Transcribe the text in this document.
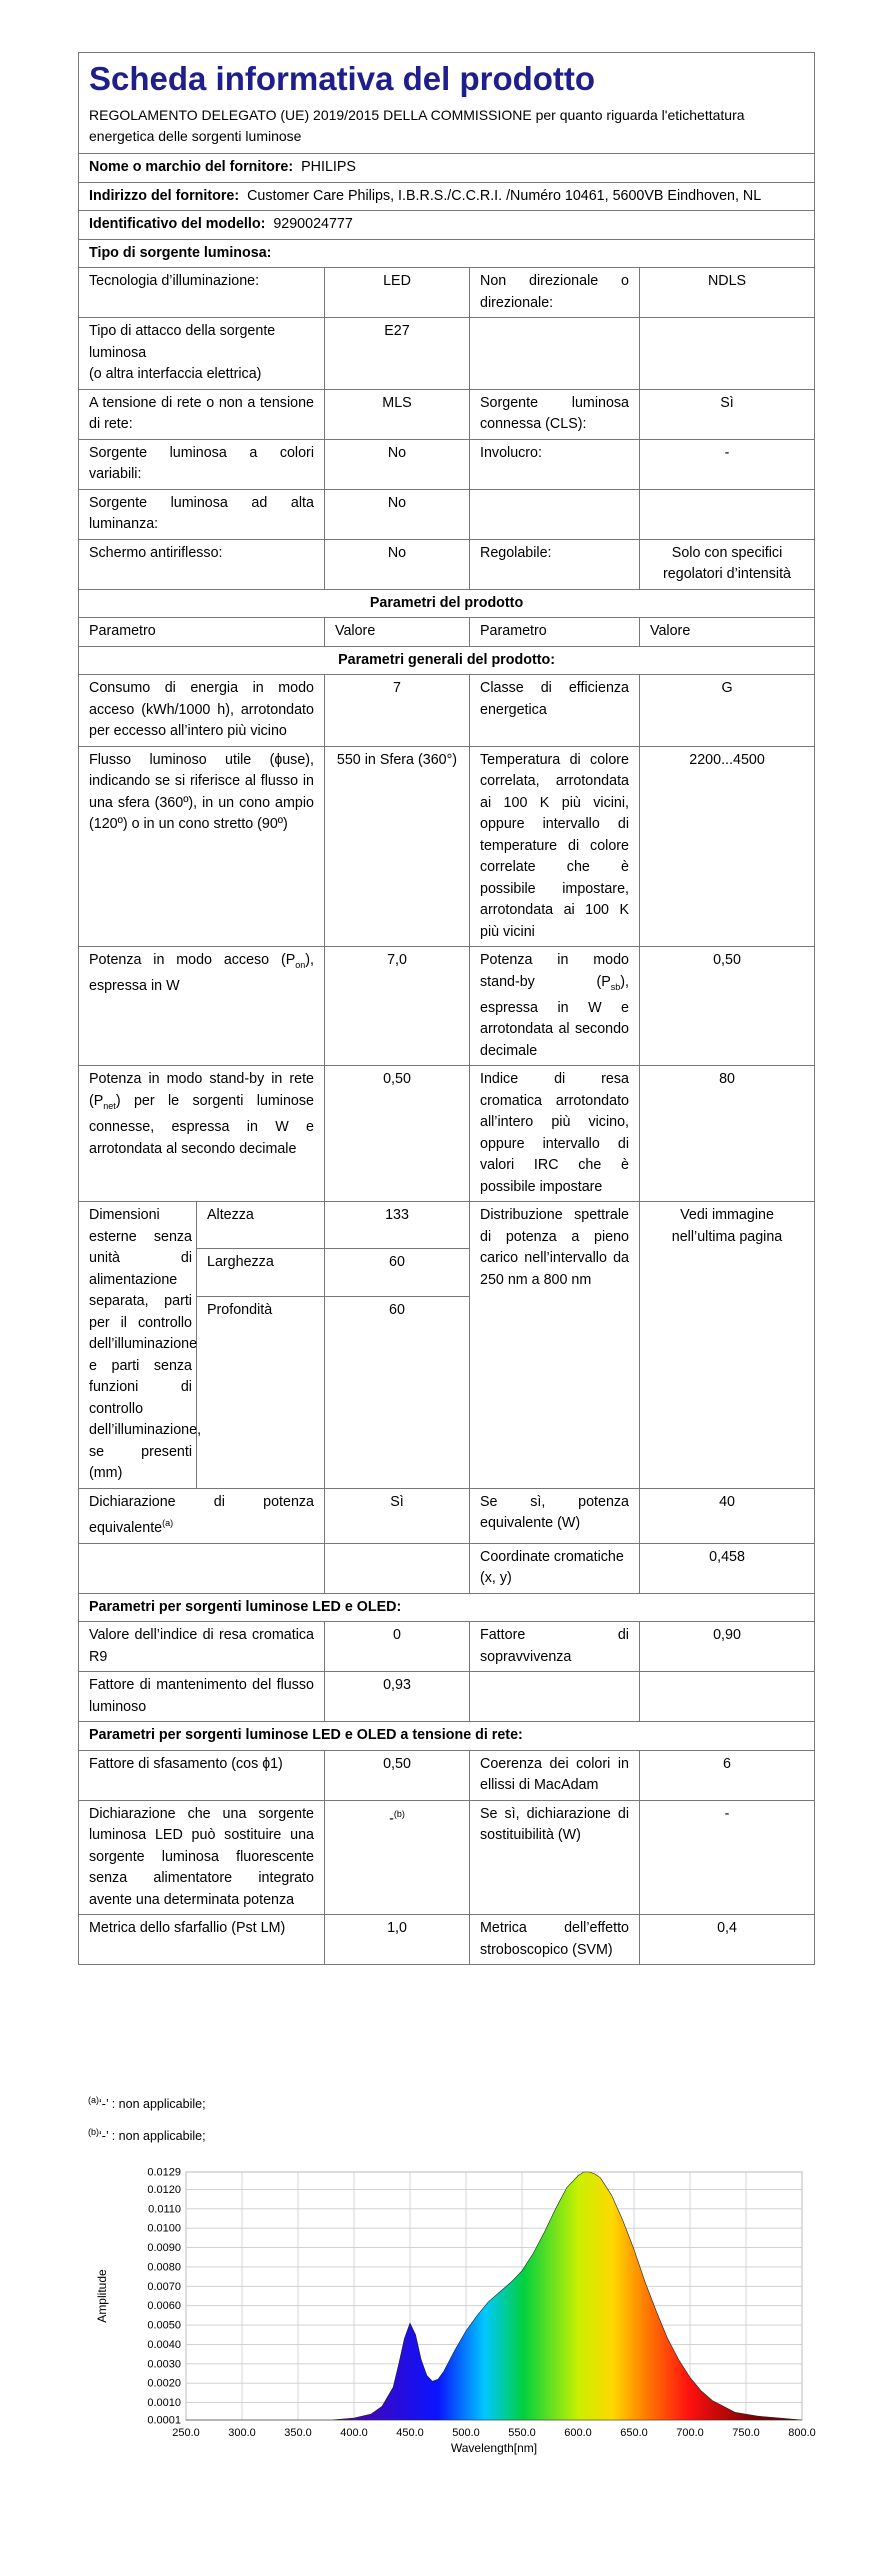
Scheda informativa del prodotto
REGOLAMENTO DELEGATO (UE) 2019/2015 DELLA COMMISSIONE per quanto riguarda l'etichettatura energetica delle sorgenti luminose				

Nome o marchio del fornitore: PHILIPS				
Indirizzo del fornitore: Customer Care Philips, I.B.R.S./C.C.R.I. /Numéro 10461, 5600VB Eindhoven, NL				
Identificativo del modello: 9290024777				
Tipo di sorgente luminosa:				
Tecnologia d’illuminazione:		LED	Non direzionale o direzionale:	NDLS

Tipo di attacco della sorgente luminosa
(o altra interfaccia elettrica)		E27		
A tensione di rete o non a tensione di rete:		MLS	Sorgente luminosa connessa (CLS):	Sì
Sorgente luminosa a colori variabili:		No	Involucro:	-
Sorgente luminosa ad alta luminanza:		No		
Schermo antiriflesso:		No	Regolabile:	Solo con specifici regolatori d’intensità
Parametri del prodotto				
Parametro		Valore	Parametro	Valore
Parametri generali del prodotto:				
Consumo di energia in modo acceso (kWh/1000 h), arrotondato per eccesso all’intero più vicino		7	Classe di efficienza energetica	G
Flusso luminoso utile (ɸuse), indicando se si riferisce al flusso in una sfera (360º), in un cono ampio (120º) o in un cono stretto (90º)		550 in Sfera (360°)	Temperatura di colore correlata, arrotondata ai 100 K più vicini, oppure intervallo di temperature di colore correlate che è possibile impostare, arrotondata ai 100 K più vicini	2200...4500
Potenza in modo acceso $(P_{on})$, espressa in W		7,0	Potenza in modo stand-by $(P_{sb})$, espressa in W e arrotondata al secondo decimale	0,50
Potenza in modo stand-by in rete $(P_{net})$ per le sorgenti luminose connesse, espressa in W e arrotondata al secondo decimale		0,50	Indice di resa cromatica arrotondato all’intero più vicino, oppure intervallo di valori IRC che è possibile impostare	80
Dimensioni esterne senza unità di alimentazione separata, parti per il controllo dell’illuminazione e parti senza funzioni di controllo dell’illuminazione, se presenti (mm)	Altezza	133	Distribuzione spettrale di potenza a pieno carico nell’intervallo da 250 nm a 800 nm	Vedi immagine nell’ultima pagina
	Larghezza	60		
	Profondità	60		

Dichiarazione di potenza equivalente$^{(a)}$		Sì	Se sì, potenza equivalente (W)	40
			Coordinate cromatiche (x, y)	0,458
Parametri per sorgenti luminose LED e OLED:				
Valore dell’indice di resa cromatica R9		0	Fattore di sopravvivenza	0,90
Fattore di mantenimento del flusso luminoso		0,93		
Parametri per sorgenti luminose LED e OLED a tensione di rete:				
Fattore di sfasamento (cos ɸ1)		0,50	Coerenza dei colori in ellissi di MacAdam	6
Dichiarazione che una sorgente luminosa LED può sostituire una sorgente luminosa fluorescente senza alimentatore integrato avente una determinata potenza		-$^{(b)}$	Se sì, dichiarazione di sostituibilità (W)	-
Metrica dello sfarfallio (Pst LM)		1,0	Metrica dell’effetto stroboscopico (SVM)	0,4
$^{(a)}$‘-’ : non applicabile;
$^{(b)}$‘-’ : non applicabile;
0.0001
0.0010
0.0020
0.0030
0.0040
0.0050
0.0060
0.0070
0.0080
0.0090
0.0100
0.0110
0.0120
0.0129
250.0	300.0	350.0	400.0	450.0	500.0	550.0	600.0	650.0	700.0	750.0	800.0
Amplitude
Wavelength[nm]
